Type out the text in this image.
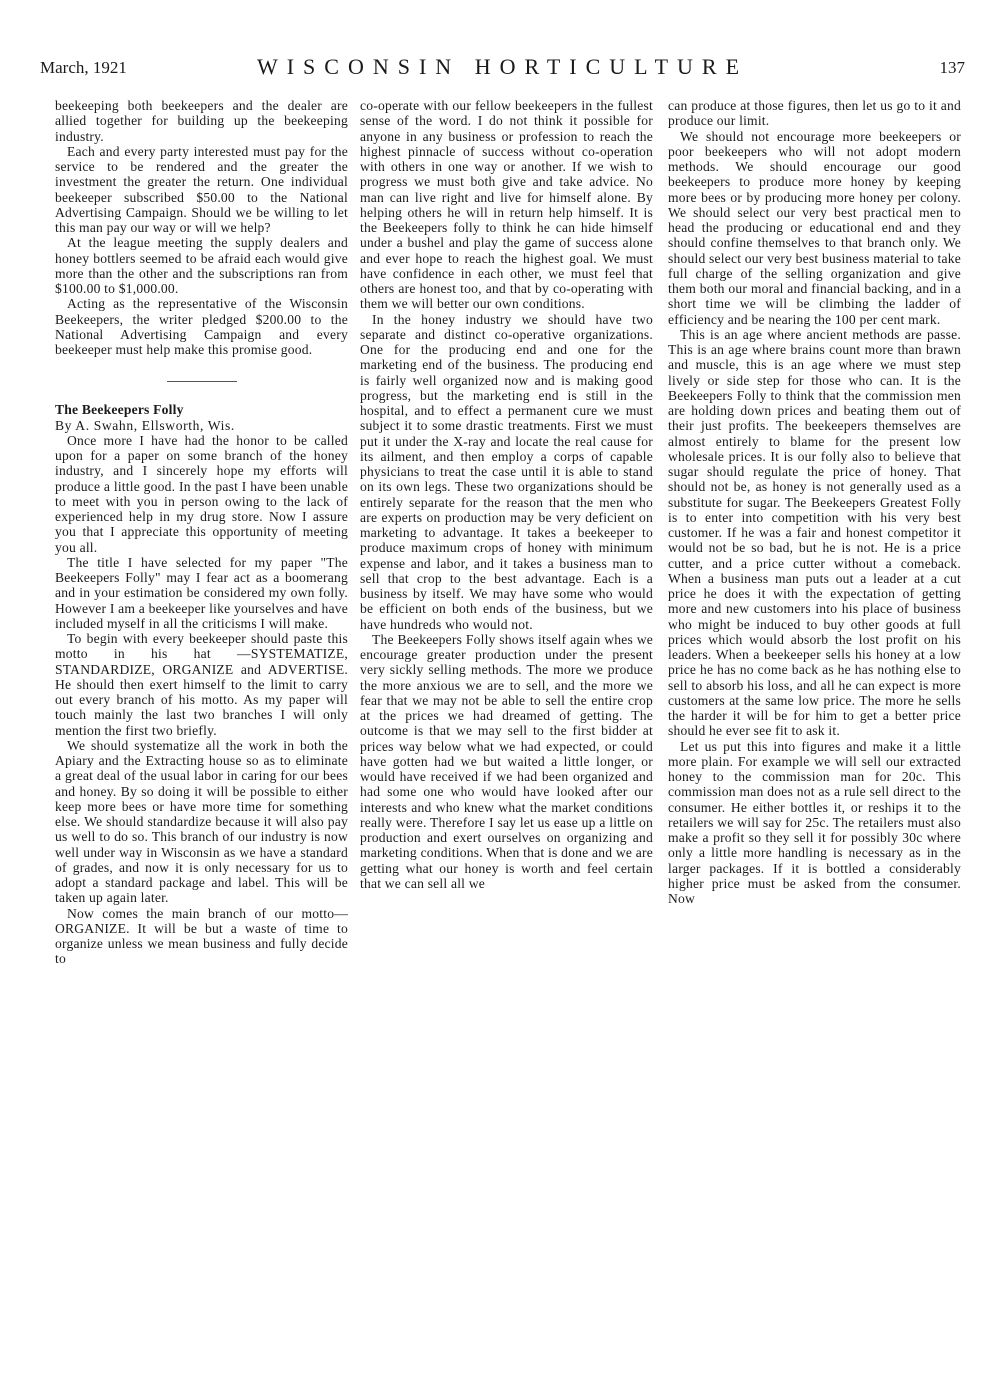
March, 1921	WISCONSIN HORTICULTURE	137

beekeeping both beekeepers and the dealer are allied together for building up the beekeeping industry.

Each and every party interested must pay for the service to be rendered and the greater the investment the greater the return. One individual beekeeper subscribed $50.00 to the National Advertising Campaign. Should we be willing to let this man pay our way or will we help?

At the league meeting the supply dealers and honey bottlers seemed to be afraid each would give more than the other and the subscriptions ran from $100.00 to $1,000.00.

Acting as the representative of the Wisconsin Beekeepers, the writer pledged $200.00 to the National Advertising Campaign and every beekeeper must help make this promise good.

The Beekeepers Folly

By A. Swahn, Ellsworth, Wis.

Once more I have had the honor to be called upon for a paper on some branch of the honey industry, and I sincerely hope my efforts will produce a little good. In the past I have been unable to meet with you in person owing to the lack of experienced help in my drug store. Now I assure you that I appreciate this opportunity of meeting you all.

The title I have selected for my paper "The Beekeepers Folly" may I fear act as a boomerang and in your estimation be considered my own folly. However I am a beekeeper like yourselves and have included myself in all the criticisms I will make.

To begin with every beekeeper should paste this motto in his hat —SYSTEMATIZE, STANDARDIZE, ORGANIZE and ADVERTISE. He should then exert himself to the limit to carry out every branch of his motto. As my paper will touch mainly the last two branches I will only mention the first two briefly.

We should systematize all the work in both the Apiary and the Extracting house so as to eliminate a great deal of the usual labor in caring for our bees and honey. By so doing it will be possible to either keep more bees or have more time for something else. We should standardize because it will also pay us well to do so. This branch of our industry is now well under way in Wisconsin as we have a standard of grades, and now it is only necessary for us to adopt a standard package and label. This will be taken up again later.

Now comes the main branch of our motto—ORGANIZE. It will be but a waste of time to organize unless we mean business and fully decide to

co-operate with our fellow beekeepers in the fullest sense of the word. I do not think it possible for anyone in any business or profession to reach the highest pinnacle of success without co-operation with others in one way or another. If we wish to progress we must both give and take advice. No man can live right and live for himself alone. By helping others he will in return help himself. It is the Beekeepers folly to think he can hide himself under a bushel and play the game of success alone and ever hope to reach the highest goal. We must have confidence in each other, we must feel that others are honest too, and that by co-operating with them we will better our own conditions.

In the honey industry we should have two separate and distinct co-operative organizations. One for the producing end and one for the marketing end of the business. The producing end is fairly well organized now and is making good progress, but the marketing end is still in the hospital, and to effect a permanent cure we must subject it to some drastic treatments. First we must put it under the X-ray and locate the real cause for its ailment, and then employ a corps of capable physicians to treat the case until it is able to stand on its own legs. These two organizations should be entirely separate for the reason that the men who are experts on production may be very deficient on marketing to advantage. It takes a beekeeper to produce maximum crops of honey with minimum expense and labor, and it takes a business man to sell that crop to the best advantage. Each is a business by itself. We may have some who would be efficient on both ends of the business, but we have hundreds who would not.

The Beekeepers Folly shows itself again whes we encourage greater production under the present very sickly selling methods. The more we produce the more anxious we are to sell, and the more we fear that we may not be able to sell the entire crop at the prices we had dreamed of getting. The outcome is that we may sell to the first bidder at prices way below what we had expected, or could have gotten had we but waited a little longer, or would have received if we had been organized and had some one who would have looked after our interests and who knew what the market conditions really were. Therefore I say let us ease up a little on production and exert ourselves on organizing and marketing conditions. When that is done and we are getting what our honey is worth and feel certain that we can sell all we

can produce at those figures, then let us go to it and produce our limit.

We should not encourage more beekeepers or poor beekeepers who will not adopt modern methods. We should encourage our good beekeepers to produce more honey by keeping more bees or by producing more honey per colony. We should select our very best practical men to head the producing or educational end and they should confine themselves to that branch only. We should select our very best business material to take full charge of the selling organization and give them both our moral and financial backing, and in a short time we will be climbing the ladder of efficiency and be nearing the 100 per cent mark.

This is an age where ancient methods are passe. This is an age where brains count more than brawn and muscle, this is an age where we must step lively or side step for those who can. It is the Beekeepers Folly to think that the commission men are holding down prices and beating them out of their just profits. The beekeepers themselves are almost entirely to blame for the present low wholesale prices. It is our folly also to believe that sugar should regulate the price of honey. That should not be, as honey is not generally used as a substitute for sugar. The Beekeepers Greatest Folly is to enter into competition with his very best customer. If he was a fair and honest competitor it would not be so bad, but he is not. He is a price cutter, and a price cutter without a comeback. When a business man puts out a leader at a cut price he does it with the expectation of getting more and new customers into his place of business who might be induced to buy other goods at full prices which would absorb the lost profit on his leaders. When a beekeeper sells his honey at a low price he has no come back as he has nothing else to sell to absorb his loss, and all he can expect is more customers at the same low price. The more he sells the harder it will be for him to get a better price should he ever see fit to ask it.

Let us put this into figures and make it a little more plain. For example we will sell our extracted honey to the commission man for 20c. This commission man does not as a rule sell direct to the consumer. He either bottles it, or reships it to the retailers we will say for 25c. The retailers must also make a profit so they sell it for possibly 30c where only a little more handling is necessary as in the larger packages. If it is bottled a considerably higher price must be asked from the consumer. Now
